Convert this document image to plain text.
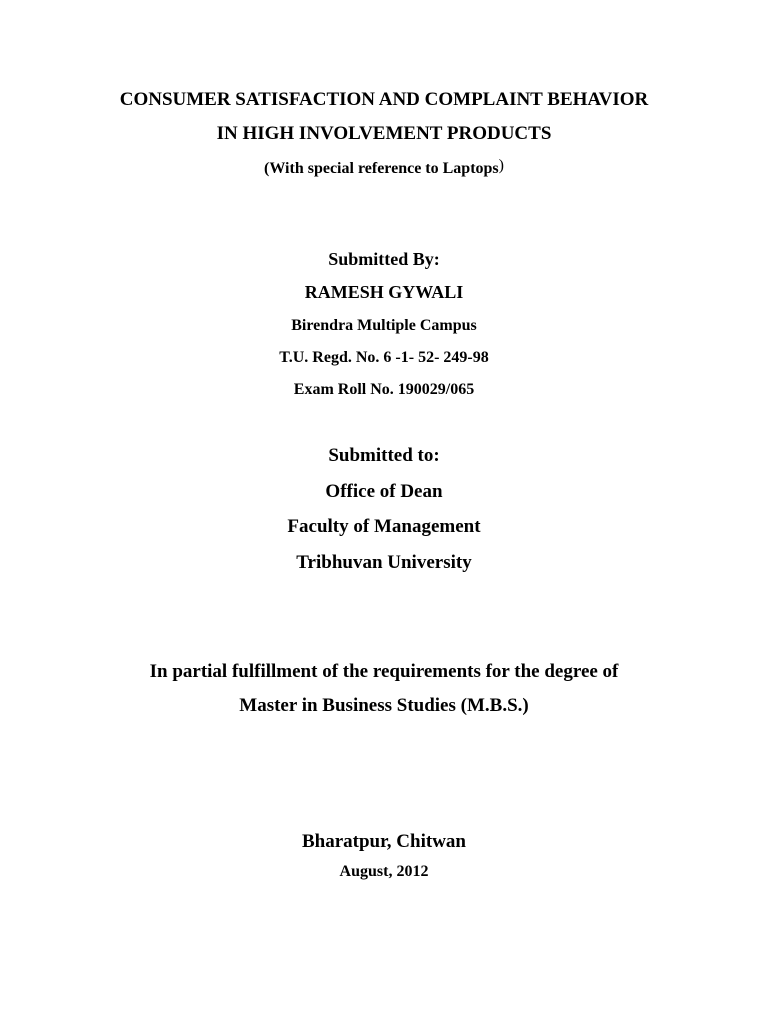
CONSUMER SATISFACTION AND COMPLAINT BEHAVIOR
IN HIGH INVOLVEMENT PRODUCTS
(With special reference to Laptops)
Submitted By:
RAMESH GYWALI
Birendra Multiple Campus
T.U. Regd. No. 6 -1- 52- 249-98
Exam Roll No. 190029/065
Submitted to:
Office of Dean
Faculty of Management
Tribhuvan University
In partial fulfillment of the requirements for the degree of
Master in Business Studies (M.B.S.)
Bharatpur, Chitwan
August, 2012
